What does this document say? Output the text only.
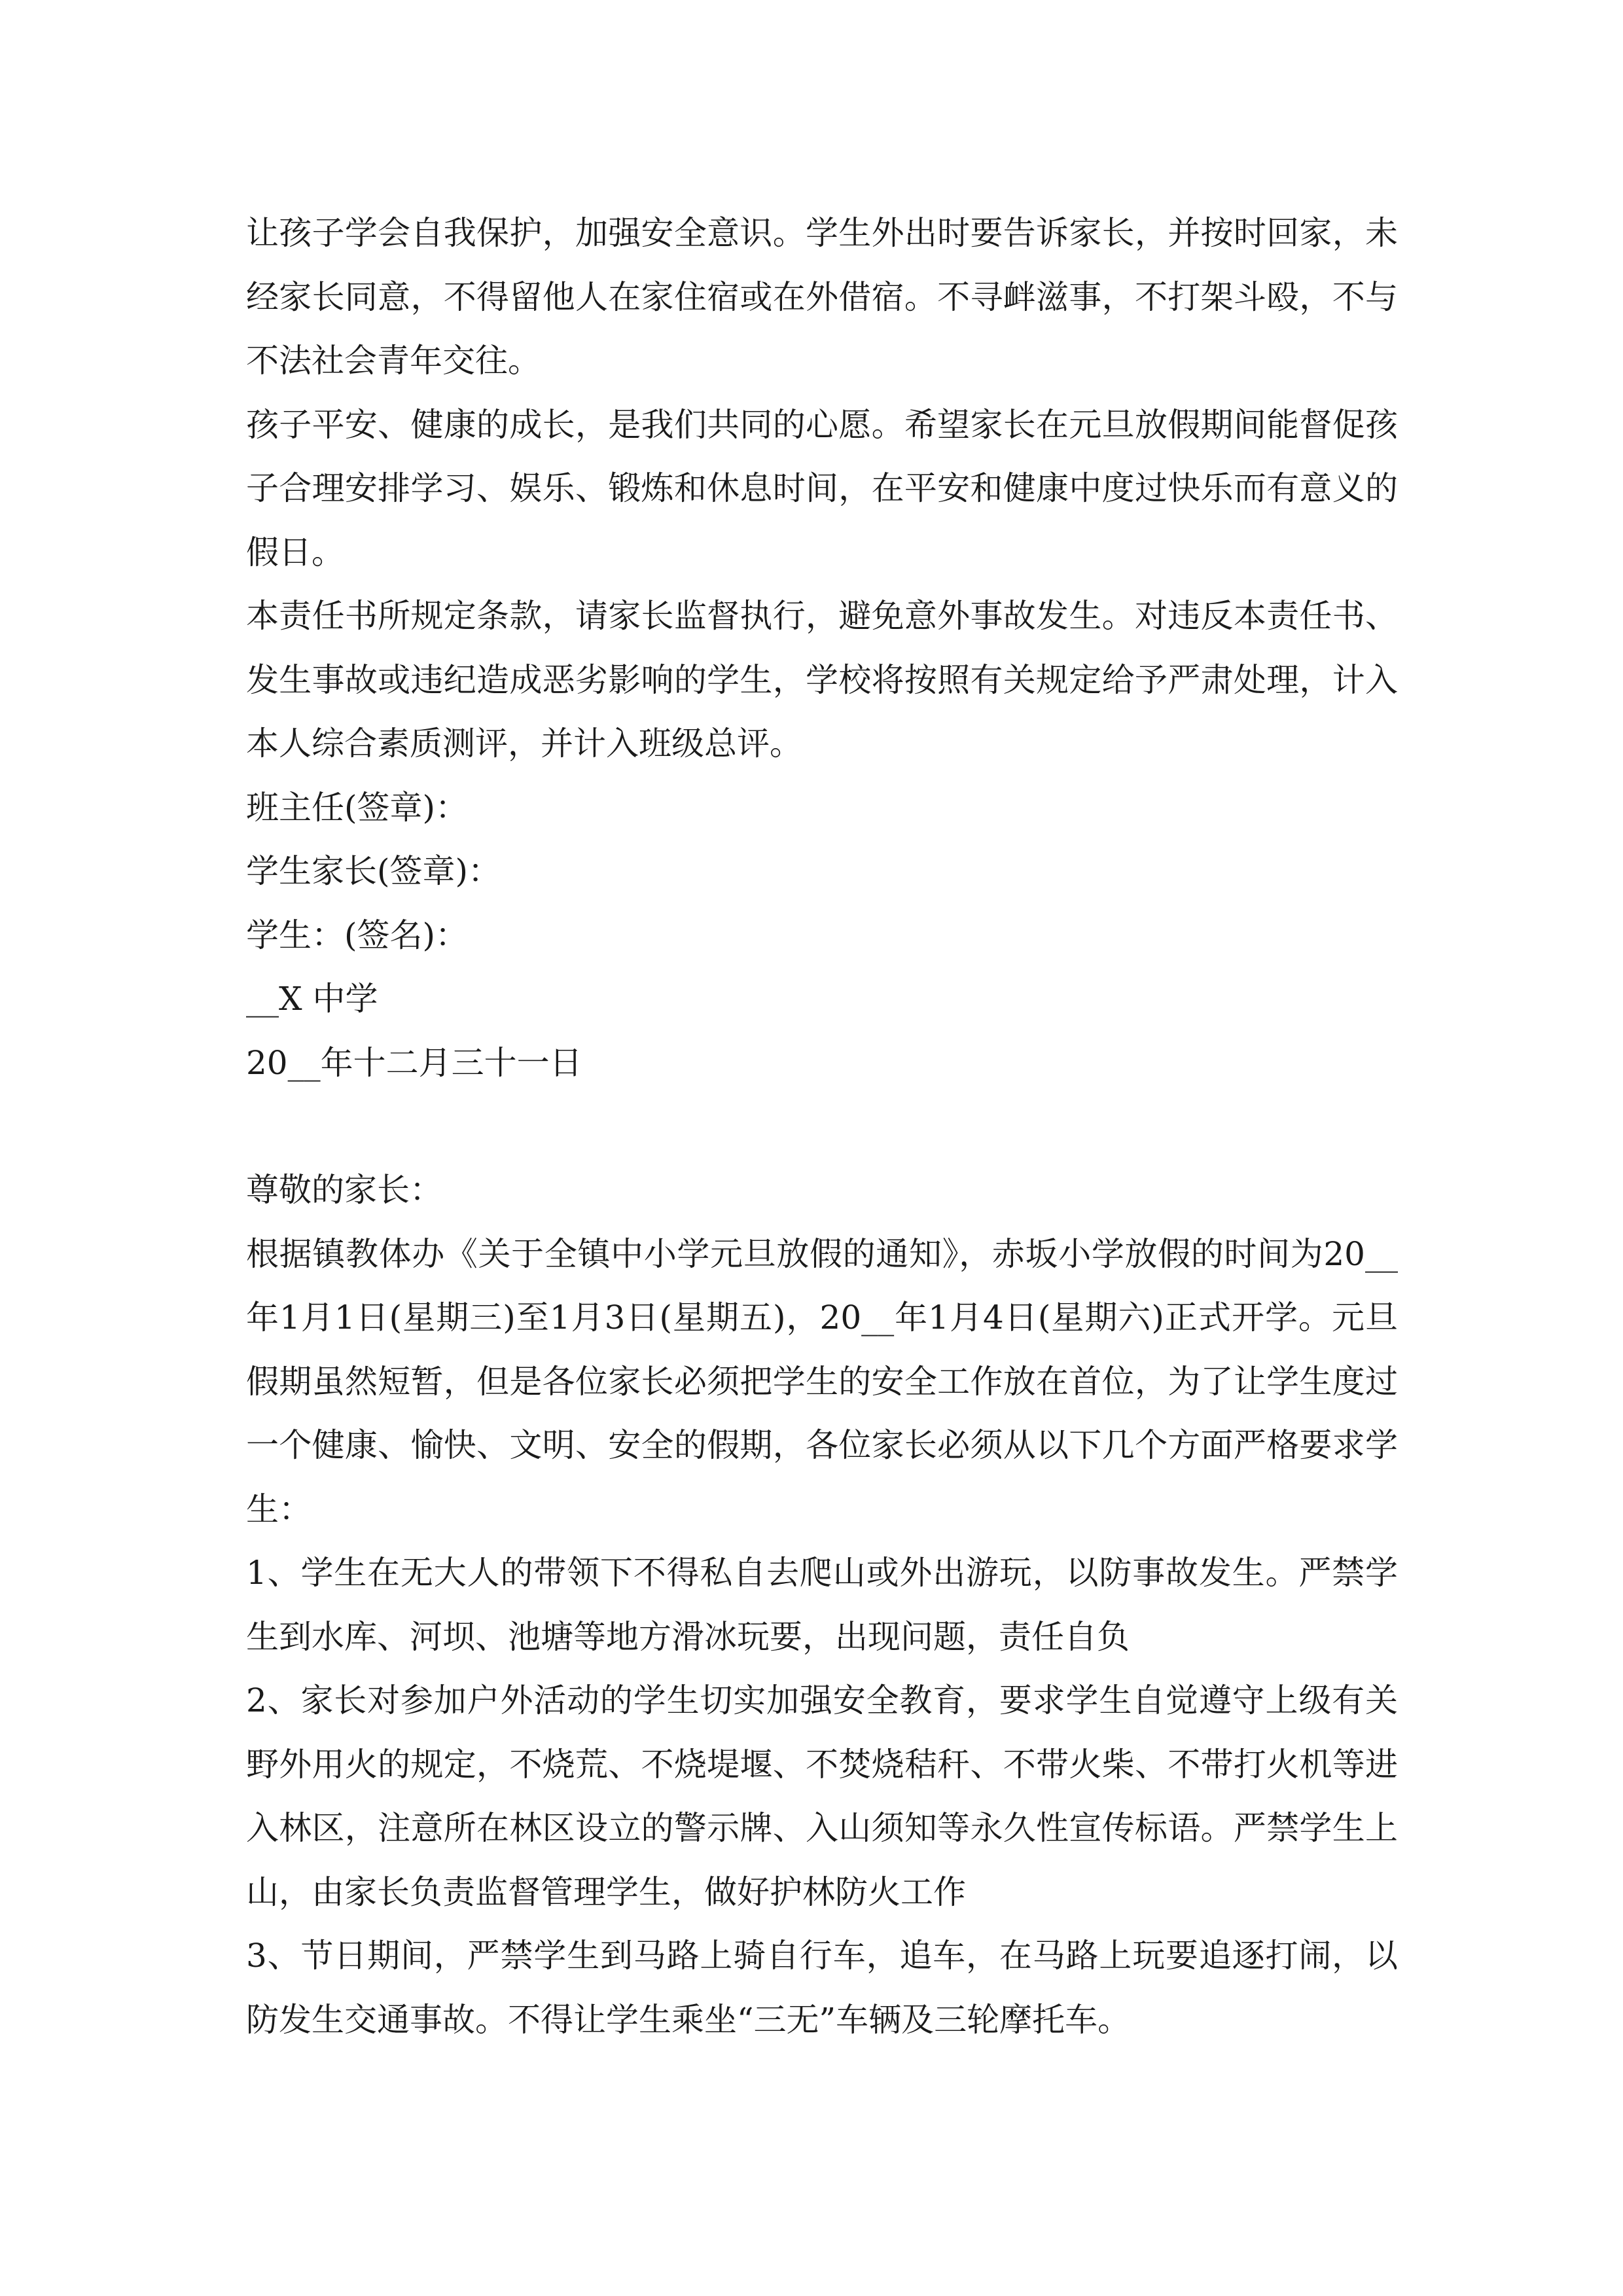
让孩子学会自我保护，加强安全意识。学生外出时要告诉家长，并按时回家，未经家长同意，不得留他人在家住宿或在外借宿。不寻衅滋事，不打架斗殴，不与不法社会青年交往。

孩子平安、健康的成长，是我们共同的心愿。希望家长在元旦放假期间能督促孩子合理安排学习、娱乐、锻炼和休息时间，在平安和健康中度过快乐而有意义的假日。

本责任书所规定条款，请家长监督执行，避免意外事故发生。对违反本责任书、发生事故或违纪造成恶劣影响的学生，学校将按照有关规定给予严肃处理，计入本人综合素质测评，并计入班级总评。

班主任(签章)：

学生家长(签章)：

学生：(签名)：

__X 中学

20__年十二月三十一日

尊敬的家长：

根据镇教体办《关于全镇中小学元旦放假的通知》，赤坂小学放假的时间为20__年1月1日(星期三)至1月3日(星期五)，20__年1月4日(星期六)正式开学。元旦假期虽然短暂，但是各位家长必须把学生的安全工作放在首位，为了让学生度过一个健康、愉快、文明、安全的假期，各位家长必须从以下几个方面严格要求学生：

1、学生在无大人的带领下不得私自去爬山或外出游玩，以防事故发生。严禁学生到水库、河坝、池塘等地方滑冰玩要，出现问题，责任自负

2、家长对参加户外活动的学生切实加强安全教育，要求学生自觉遵守上级有关野外用火的规定，不烧荒、不烧堤堰、不焚烧秸秆、不带火柴、不带打火机等进入林区，注意所在林区设立的警示牌、入山须知等永久性宣传标语。严禁学生上山，由家长负责监督管理学生，做好护林防火工作

3、节日期间，严禁学生到马路上骑自行车，追车，在马路上玩要追逐打闹，以防发生交通事故。不得让学生乘坐“三无”车辆及三轮摩托车。
